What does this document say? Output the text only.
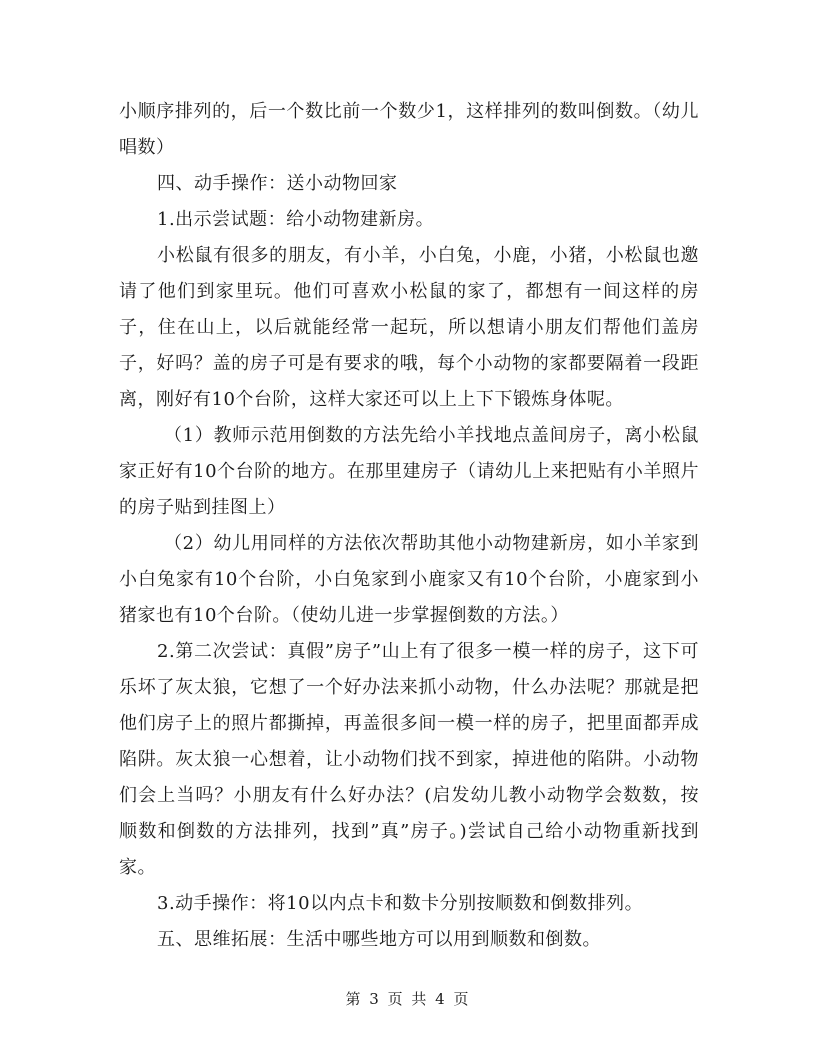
小顺序排列的，后一个数比前一个数少1，这样排列的数叫倒数。（幼儿唱数）

四、动手操作：送小动物回家

1.出示尝试题：给小动物建新房。

小松鼠有很多的朋友，有小羊，小白兔，小鹿，小猪，小松鼠也邀请了他们到家里玩。他们可喜欢小松鼠的家了，都想有一间这样的房子，住在山上，以后就能经常一起玩，所以想请小朋友们帮他们盖房子，好吗？盖的房子可是有要求的哦，每个小动物的家都要隔着一段距离，刚好有10个台阶，这样大家还可以上上下下锻炼身体呢。

（1）教师示范用倒数的方法先给小羊找地点盖间房子，离小松鼠家正好有10个台阶的地方。在那里建房子（请幼儿上来把贴有小羊照片的房子贴到挂图上）

（2）幼儿用同样的方法依次帮助其他小动物建新房，如小羊家到小白兔家有10个台阶，小白兔家到小鹿家又有10个台阶，小鹿家到小猪家也有10个台阶。（使幼儿进一步掌握倒数的方法。）

2.第二次尝试：真假”房子”山上有了很多一模一样的房子，这下可乐坏了灰太狼，它想了一个好办法来抓小动物，什么办法呢？那就是把他们房子上的照片都撕掉，再盖很多间一模一样的房子，把里面都弄成陷阱。灰太狼一心想着，让小动物们找不到家，掉进他的陷阱。小动物们会上当吗？小朋友有什么好办法？(启发幼儿教小动物学会数数，按顺数和倒数的方法排列，找到”真”房子。)尝试自己给小动物重新找到家。

3.动手操作：将10以内点卡和数卡分别按顺数和倒数排列。

五、思维拓展：生活中哪些地方可以用到顺数和倒数。

第 3 页 共 4 页
